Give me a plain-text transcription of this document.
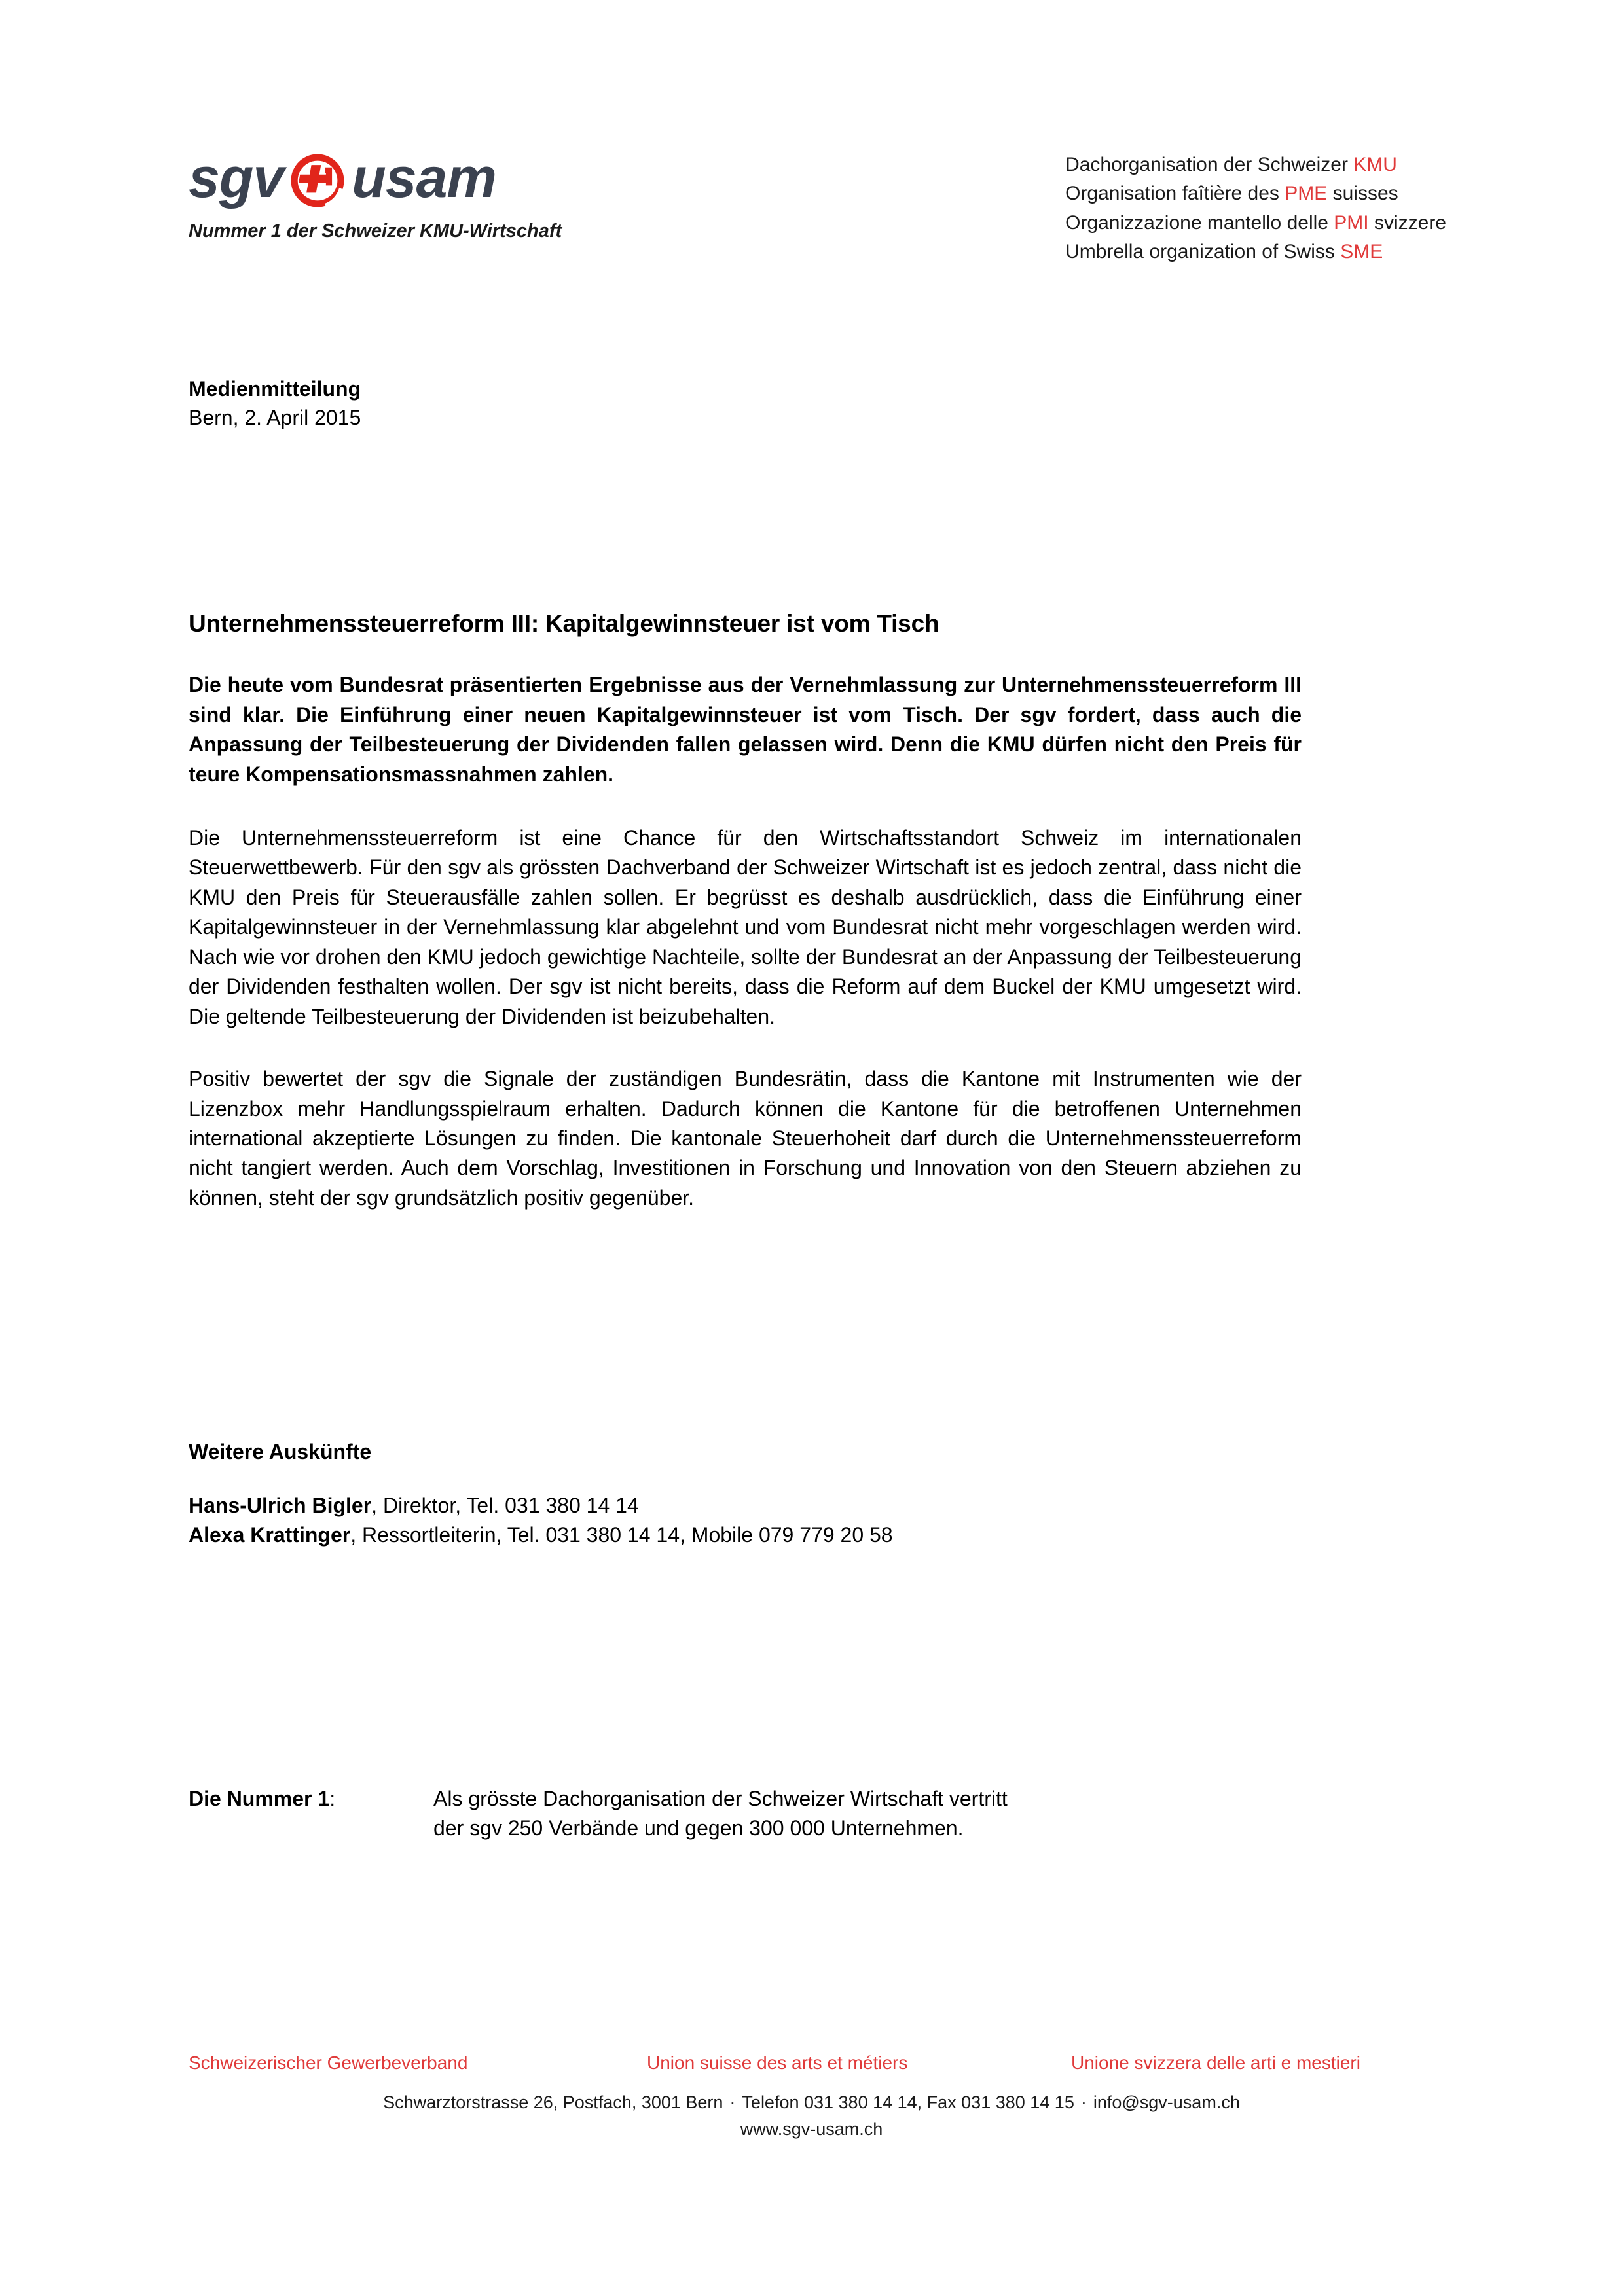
sgv usam
Nummer 1 der Schweizer KMU-Wirtschaft
Dachorganisation der Schweizer KMU
Organisation faîtière des PME suisses
Organizzazione mantello delle PMI svizzere
Umbrella organization of Swiss SME
Medienmitteilung
Bern, 2. April 2015
Unternehmenssteuerreform III: Kapitalgewinnsteuer ist vom Tisch

Die heute vom Bundesrat präsentierten Ergebnisse aus der Vernehmlassung zur Unternehmenssteuerreform III sind klar. Die Einführung einer neuen Kapitalgewinnsteuer ist vom Tisch. Der sgv fordert, dass auch die Anpassung der Teilbesteuerung der Dividenden fallen gelassen wird. Denn die KMU dürfen nicht den Preis für teure Kompensationsmassnahmen zahlen.

Die Unternehmenssteuerreform ist eine Chance für den Wirtschaftsstandort Schweiz im internationalen Steuerwettbewerb. Für den sgv als grössten Dachverband der Schweizer Wirtschaft ist es jedoch zentral, dass nicht die KMU den Preis für Steuerausfälle zahlen sollen. Er begrüsst es deshalb ausdrücklich, dass die Einführung einer Kapitalgewinnsteuer in der Vernehmlassung klar abgelehnt und vom Bundesrat nicht mehr vorgeschlagen werden wird. Nach wie vor drohen den KMU jedoch gewichtige Nachteile, sollte der Bundesrat an der Anpassung der Teilbesteuerung der Dividenden festhalten wollen. Der sgv ist nicht bereits, dass die Reform auf dem Buckel der KMU umgesetzt wird. Die geltende Teilbesteuerung der Dividenden ist beizubehalten.

Positiv bewertet der sgv die Signale der zuständigen Bundesrätin, dass die Kantone mit Instrumenten wie der Lizenzbox mehr Handlungsspielraum erhalten. Dadurch können die Kantone für die betroffenen Unternehmen international akzeptierte Lösungen zu finden. Die kantonale Steuerhoheit darf durch die Unternehmenssteuerreform nicht tangiert werden. Auch dem Vorschlag, Investitionen in Forschung und Innovation von den Steuern abziehen zu können, steht der sgv grundsätzlich positiv gegenüber.

Weitere Auskünfte
Hans-Ulrich Bigler, Direktor, Tel. 031 380 14 14
Alexa Krattinger, Ressortleiterin, Tel. 031 380 14 14, Mobile 079 779 20 58
Die Nummer 1:	Als grösste Dachorganisation der Schweizer Wirtschaft vertritt
der sgv 250 Verbände und gegen 300 000 Unternehmen.
Schweizerischer Gewerbeverband	Union suisse des arts et métiers	Unione svizzera delle arti e mestieri
Schwarztorstrasse 26, Postfach, 3001 Bern · Telefon 031 380 14 14, Fax 031 380 14 15 · info@sgv-usam.ch
www.sgv-usam.ch
